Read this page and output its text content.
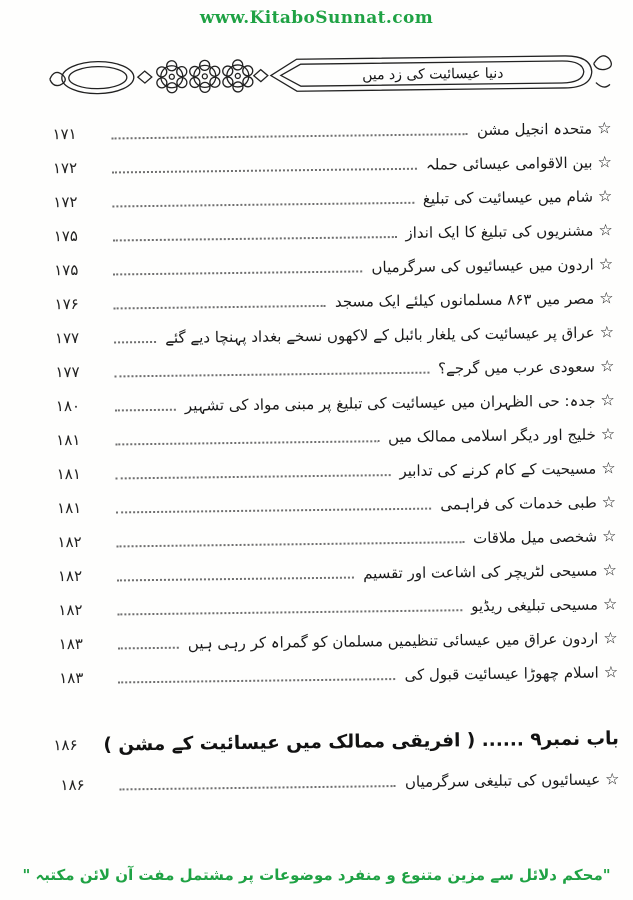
www.KitaboSunnat.com
دنیا عیسائیت کی زد میں
☆متحدہ انجیل مشن
۱۷۱
☆بین الاقوامی عیسائی حملہ
۱۷۲
☆شام میں عیسائیت کی تبلیغ
۱۷۲
☆مشنریوں کی تبلیغ کا ایک انداز
۱۷۵
☆اردون میں عیسائیوں کی سرگرمیاں
۱۷۵
☆مصر میں ۸۶۳ مسلمانوں کیلئے ایک مسجد
۱۷۶
☆عراق پر عیسائیت کی یلغار بائبل کے لاکھوں نسخے بغداد پہنچا دیے گئے
۱۷۷
☆سعودی عرب میں گرجے؟
۱۷۷
☆جدہ: حی الظہران میں عیسائیت کی تبلیغ پر مبنی مواد کی تشہیر
۱۸۰
☆خلیج اور دیگر اسلامی ممالک میں
۱۸۱
☆مسیحیت کے کام کرنے کی تدابیر
۱۸۱
☆طبی خدمات کی فراہمی
۱۸۱
☆شخصی میل ملاقات
۱۸۲
☆مسیحی لٹریچر کی اشاعت اور تقسیم
۱۸۲
☆مسیحی تبلیغی ریڈیو
۱۸۲
☆اردون عراق میں عیسائی تنظیمیں مسلمان کو گمراہ کر رہی ہیں
۱۸۳
☆اسلام چھوڑا عیسائیت قبول کی
۱۸۳
باب نمبر۹ ...... ( افریقی ممالک میں عیسائیت کے مشن )
۱۸۶
☆عیسائیوں کی تبلیغی سرگرمیاں
۱۸۶
"محکم دلائل سے مزین متنوع و منفرد موضوعات پر مشتمل مفت آن لائن مکتبہ "
